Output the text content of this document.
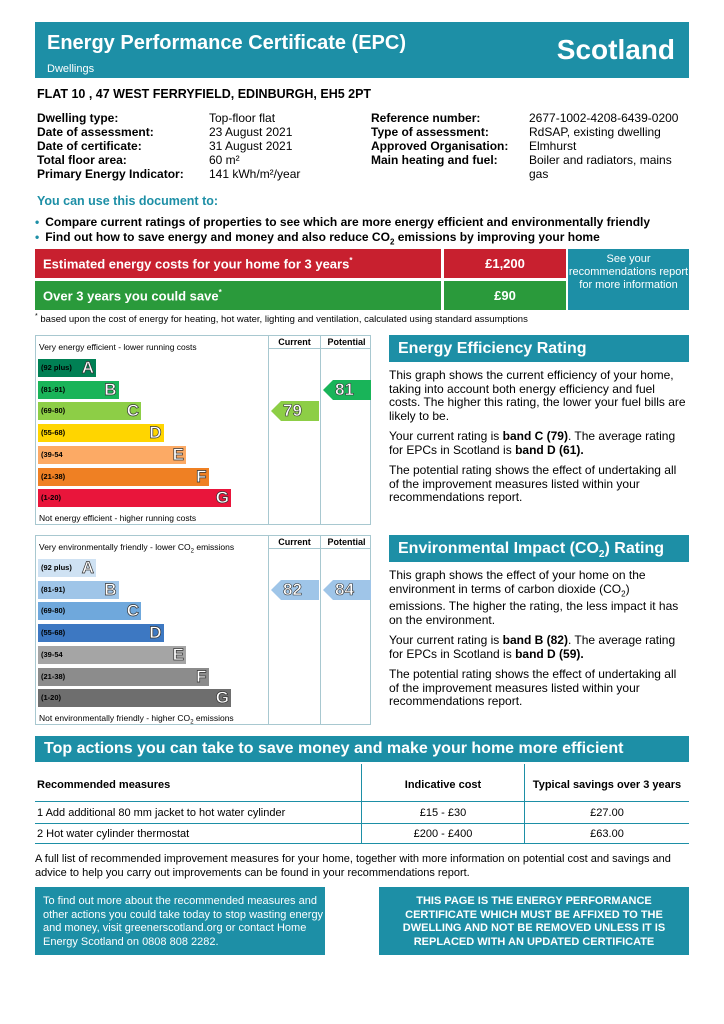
Energy Performance Certificate (EPC)
Dwellings
Scotland
FLAT 10 , 47 WEST FERRYFIELD, EDINBURGH, EH5 2PT
Dwelling type:	Top-floor flat
Date of assessment:	23 August 2021
Date of certificate:	31 August 2021
Total floor area:	60 m²
Primary Energy Indicator: 141 kWh/m²/year
Reference number:	2677-1002-4208-6439-0200
Type of assessment:	RdSAP, existing dwelling
Approved Organisation: Elmhurst
Main heating and fuel:	Boiler and radiators, mains
gas
You can use this document to:
• Compare current ratings of properties to see which are more energy efficient and environmentally friendly
• Find out how to save energy and money and also reduce $CO_2$ emissions by improving your home
Estimated energy costs for your home for 3 years*	£1,200
Over 3 years you could save*	£90
See your recommendations report for more information
* based upon the cost of energy for heating, hot water, lighting and ventilation, calculated using standard assumptions
Very energy efficient - lower running costs
Not energy efficient - higher running costs
Current	Potential
(92 plus) A
(81-91) B
(69-80)	C
(55-68)	D
(39-54	E
(21-38)	F
(1-20)	G
79
81
Very environmentally friendly - lower $CO_2$ emissions
Not environmentally friendly - higher $CO_2$ emissions
Current	Potential
(92 plus) A
(81-91) B
(69-80)	C
(55-68)	D
(39-54	E
(21-38)	F
(1-20)	G
82 84
Energy Efficiency Rating

This graph shows the current efficiency of your home, taking into account both energy efficiency and fuel costs. The higher this rating, the lower your fuel bills are likely to be.

Your current rating is band C (79). The average rating for EPCs in Scotland is band D (61).

The potential rating shows the effect of undertaking all of the improvement measures listed within your recommendations report.

Environmental Impact $(CO_2)$ Rating

This graph shows the effect of your home on the environment in terms of carbon dioxide $(CO_2)$ emissions. The higher the rating, the less impact it has on the environment.

Your current rating is band B (82). The average rating for EPCs in Scotland is band D (59).

The potential rating shows the effect of undertaking all of the improvement measures listed within your recommendations report.

Top actions you can take to save money and make your home more efficient
Recommended measures	Indicative cost	Typical savings over 3 years
1 Add additional 80 mm jacket to hot water cylinder	£15 - £30	£27.00
2 Hot water cylinder thermostat	£200 - £400	£63.00
A full list of recommended improvement measures for your home, together with more information on potential cost and savings and advice to help you carry out improvements can be found in your recommendations report.
To find out more about the recommended measures and other actions you could take today to stop wasting energy and money, visit greenerscotland.org or contact Home Energy Scotland on 0808 808 2282.
THIS PAGE IS THE ENERGY PERFORMANCE CERTIFICATE WHICH MUST BE AFFIXED TO THE DWELLING AND NOT BE REMOVED UNLESS IT IS REPLACED WITH AN UPDATED CERTIFICATE
